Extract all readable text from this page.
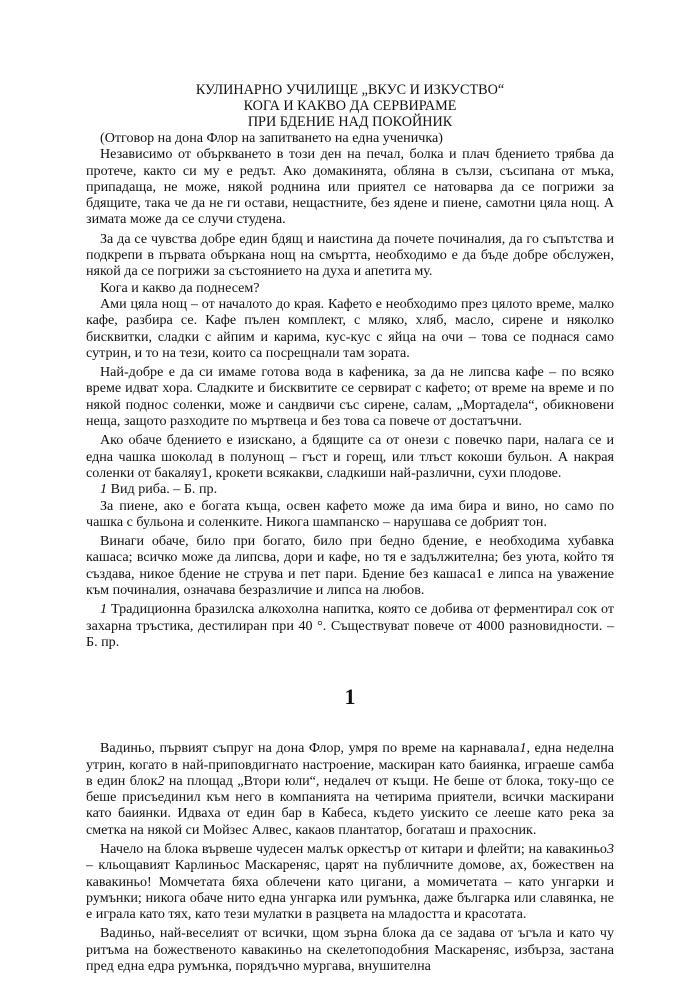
КУЛИНАРНО УЧИЛИЩЕ „ВКУС И ИЗКУСТВО“
КОГА И КАКВО ДА СЕРВИРАМЕ
ПРИ БДЕНИЕ НАД ПОКОЙНИК

(Отговор на дона Флор на запитването на една ученичка)

Независимо от объркването в този ден на печал, болка и плач бдението трябва да протече, както си му е редът. Ако домакинята, обляна в сълзи, съсипана от мъка, припадаща, не може, някой роднина или приятел се натоварва да се погрижи за бдящите, така че да не ги остави, нещастните, без ядене и пиене, самотни цяла нощ. А зимата може да се случи студена.

За да се чувства добре един бдящ и наистина да почете починалия, да го съпътства и подкрепи в първата объркана нощ на смъртта, необходимо е да бъде добре обслужен, някой да се погрижи за състоянието на духа и апетита му.

Кога и какво да поднесем?

Ами цяла нощ – от началото до края. Кафето е необходимо през цялото време, малко кафе, разбира се. Кафе пълен комплект, с мляко, хляб, масло, сирене и няколко бисквитки, сладки с айпим и карима, кус-кус с яйца на очи – това се поднася само сутрин, и то на тези, които са посрещнали там зората.

Най-добре е да си имаме готова вода в кафеника, за да не липсва кафе – по всяко време идват хора. Сладките и бисквитите се сервират с кафето; от време на време и по някой поднос соленки, може и сандвичи със сирене, салам, „Мортадела“, обикновени неща, защото разходите по мъртвеца и без това са повече от достатъчни.

Ако обаче бдението е изискано, а бдящите са от онези с повечко пари, налага се и една чашка шоколад в полунощ – гъст и горещ, или тлъст кокоши бульон. А накрая соленки от бакаляу1, крокети всякакви, сладкиши най-различни, сухи плодове.

1 Вид риба. – Б. пр.

За пиене, ако е богата къща, освен кафето може да има бира и вино, но само по чашка с бульона и соленките. Никога шампанско – нарушава се добрият тон.

Винаги обаче, било при богато, било при бедно бдение, е необходима хубавка кашаса; всичко може да липсва, дори и кафе, но тя е задължителна; без уюта, който тя създава, никое бдение не струва и пет пари. Бдение без кашаса1 е липса на уважение към починалия, означава безразличие и липса на любов.

1 Традиционна бразилска алкохолна напитка, която се добива от ферментирал сок от захарна тръстика, дестилиран при 40 °. Съществуват повече от 4000 разновидности. – Б. пр.

1

Вадиньо, първият съпруг на дона Флор, умря по време на карнавала1, една неделна утрин, когато в най-приповдигнато настроение, маскиран като баиянка, играеше самба в един блок2 на площад „Втори юли“, недалеч от къщи. Не беше от блока, току-що се беше присъединил към него в компанията на четирима приятели, всички маскирани като баиянки. Идваха от един бар в Кабеса, където уискито се лееше като река за сметка на някой си Мойзес Алвес, какаов плантатор, богаташ и прахосник.

Начело на блока вървеше чудесен малък оркестър от китари и флейти; на кавакиньо3 – кльощавият Карлиньос Маскареняс, царят на публичните домове, ах, божествен на кавакиньо! Момчетата бяха облечени като цигани, а момичетата – като унгарки и румънки; никога обаче нито една унгарка или румънка, даже българка или славянка, не е играла като тях, като тези мулатки в разцвета на младостта и красотата.

Вадиньо, най-веселият от всички, щом зърна блока да се задава от ъгъла и като чу ритъма на божественото кавакиньо на скелетоподобния Маскареняс, избърза, застана пред една едра румънка, порядъчно мургава, внушителна
